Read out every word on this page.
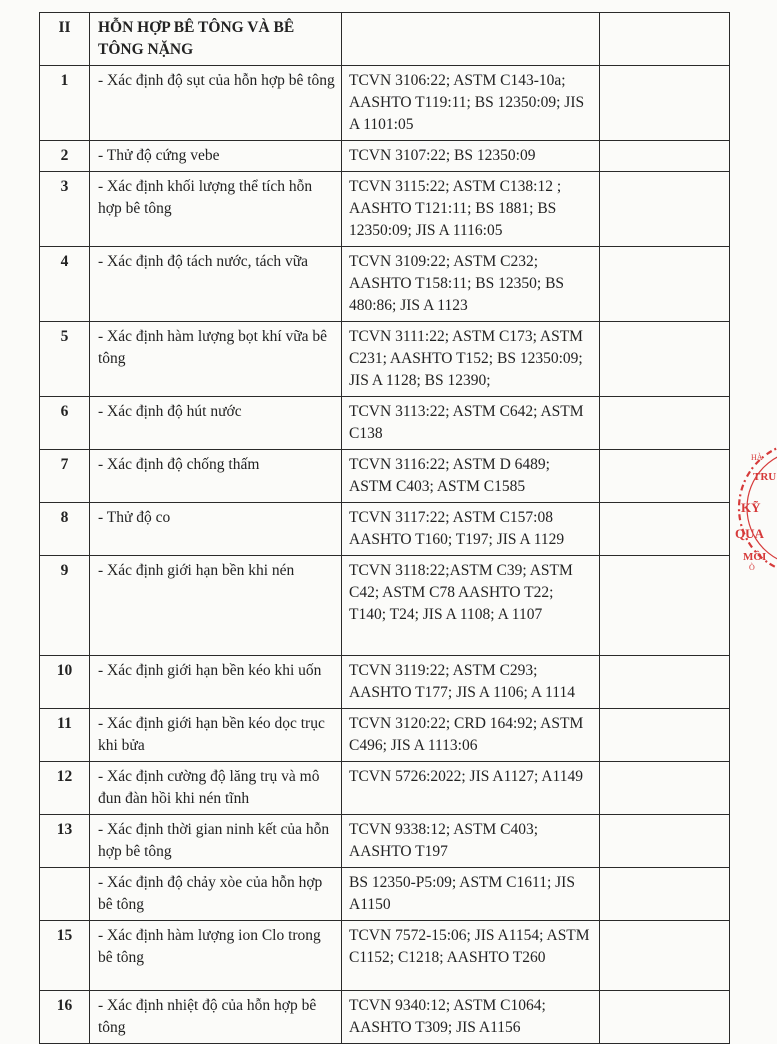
II	HỖN HỢP BÊ TÔNG VÀ BÊ TÔNG NẶNG		
1	- Xác định độ sụt của hỗn hợp bê tông	TCVN 3106:22; ASTM C143-10a; AASHTO T119:11; BS 12350:09; JIS A 1101:05	
2	- Thử độ cứng vebe	TCVN 3107:22; BS 12350:09	
3	- Xác định khối lượng thể tích hỗn hợp bê tông	TCVN 3115:22; ASTM C138:12 ; AASHTO T121:11; BS 1881; BS 12350:09; JIS A 1116:05	
4	- Xác định độ tách nước, tách vữa	TCVN 3109:22; ASTM C232; AASHTO T158:11; BS 12350; BS 480:86; JIS A 1123	
5	- Xác định hàm lượng bọt khí vữa bê tông	TCVN 3111:22; ASTM C173; ASTM C231; AASHTO T152; BS 12350:09; JIS A 1128; BS 12390;	
6	- Xác định độ hút nước	TCVN 3113:22; ASTM C642; ASTM C138	
7	- Xác định độ chống thấm	TCVN 3116:22; ASTM D 6489; ASTM C403; ASTM C1585	
8	- Thử độ co	TCVN 3117:22; ASTM C157:08 AASHTO T160; T197; JIS A 1129	
9	- Xác định giới hạn bền khi nén	TCVN 3118:22;ASTM C39; ASTM C42; ASTM C78 AASHTO T22; T140; T24; JIS A 1108; A 1107	
10	- Xác định giới hạn bền kéo khi uốn	TCVN 3119:22; ASTM C293; AASHTO T177; JIS A 1106; A 1114	
11	- Xác định giới hạn bền kéo dọc trục khi bửa	TCVN 3120:22; CRD 164:92; ASTM C496; JIS A 1113:06	
12	- Xác định cường độ lăng trụ và mô đun đàn hồi khi nén tĩnh	TCVN 5726:2022; JIS A1127; A1149	
13	- Xác định thời gian ninh kết của hỗn hợp bê tông	TCVN 9338:12; ASTM C403; AASHTO T197	
	- Xác định độ chảy xòe của hỗn hợp bê tông	BS 12350-P5:09; ASTM C1611; JIS A1150	
15	- Xác định hàm lượng ion Clo trong bê tông	TCVN 7572-15:06; JIS A1154; ASTM C1152; C1218; AASHTO T260	
16	- Xác định nhiệt độ của hỗn hợp bê tông	TCVN 9340:12; ASTM C1064; AASHTO T309; JIS A1156	
TRU
KỸ
QUA
MÔI
HÀ
Ò
